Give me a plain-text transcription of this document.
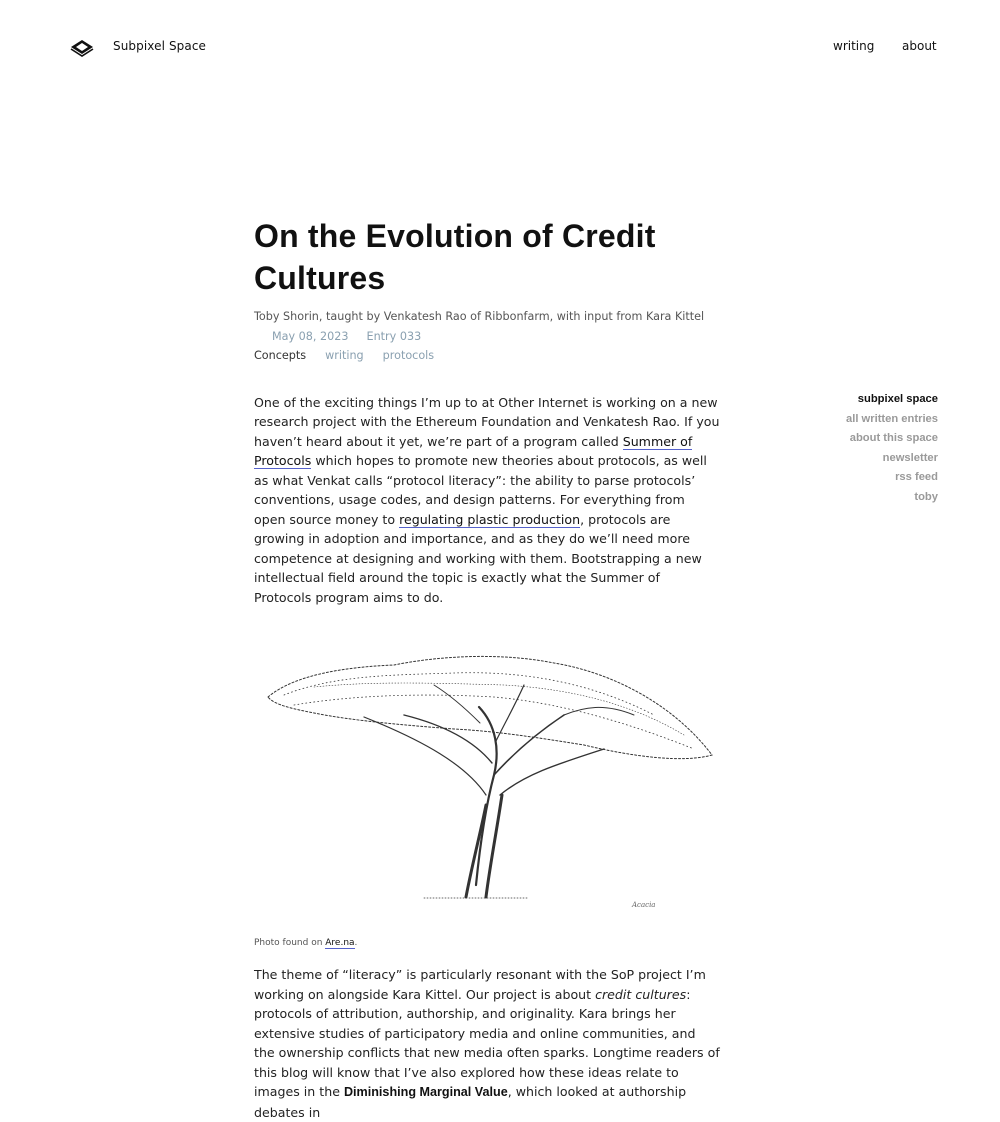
Subpixel Space	writing about
On the Evolution of Credit Cultures
Toby Shorin, taught by Venkatesh Rao of Ribbonfarm, with input from Kara KittelMay 08, 2023 Entry 033
Concepts writing protocols

One of the exciting things I’m up to at Other Internet is working on a new research project with the Ethereum Foundation and Venkatesh Rao. If you haven’t heard about it yet, we’re part of a program called Summer of Protocols which hopes to promote new theories about protocols, as well as what Venkat calls “protocol literacy”: the ability to parse protocols’ conventions, usage codes, and design patterns. For everything from open source money to regulating plastic production, protocols are growing in adoption and importance, and as they do we’ll need more competence at designing and working with them. Bootstrapping a new intellectual field around the topic is exactly what the Summer of Protocols program aims to do.

Acacia
Photo found on Are.na.

The theme of “literacy” is particularly resonant with the SoP project I’m working on alongside Kara Kittel. Our project is about credit cultures: protocols of attribution, authorship, and originality. Kara brings her extensive studies of participatory media and online communities, and the ownership conflicts that new media often sparks. Longtime readers of this blog will know that I’ve also explored how these ideas relate to images in the Diminishing Marginal Value, which looked at authorship debates in

subpixel space
all written entries
about this space
newsletter
rss feed
toby
